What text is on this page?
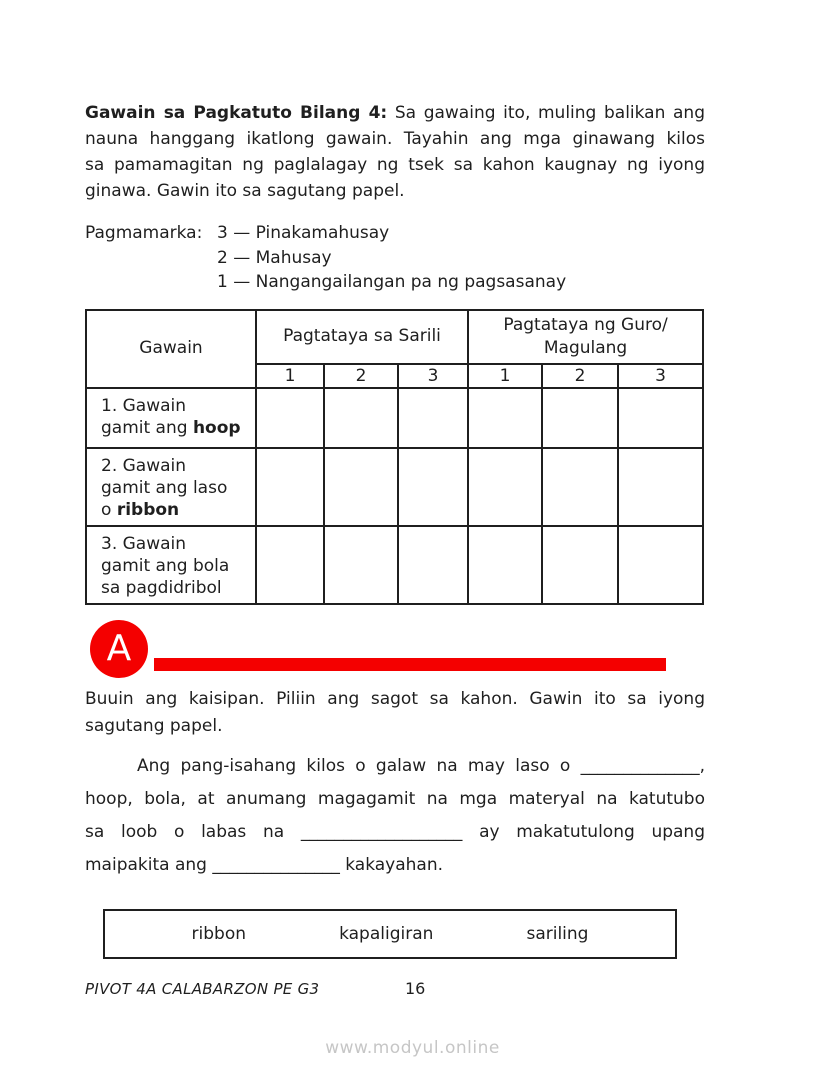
Gawain sa Pagkatuto Bilang 4: Sa gawaing ito, muling balikan ang
nauna hanggang ikatlong gawain. Tayahin ang mga ginawang kilos
sa pamamagitan ng paglalagay ng tsek sa kahon kaugnay ng iyong
ginawa. Gawin ito sa sagutang papel.
Pagmamarka: 3 — Pinakamahusay
2 — Mahusay
1 — Nangangailangan pa ng pagsasanay
Gawain	Pagtataya sa Sarili			Pagtataya ng Guro/ Magulang		
	1	2	3	1	2	3

1. Gawain
gamit ang hoop						

2. Gawain
gamit ang laso
o ribbon						

3. Gawain
gamit ang bola
sa pagdidribol						

A
Buuin ang kaisipan. Piliin ang sagot sa kahon. Gawin ito sa iyong
sagutang papel.
Ang pang-isahang kilos o galaw na may laso o ______________,
hoop, bola, at anumang magagamit na mga materyal na katutubo
sa loob o labas na ___________________ ay makatutulong upang
maipakita ang _______________ kakayahan.
ribbon	kapaligiran	sariling
PIVOT 4A CALABARZON PE G3	16
www.modyul.online
